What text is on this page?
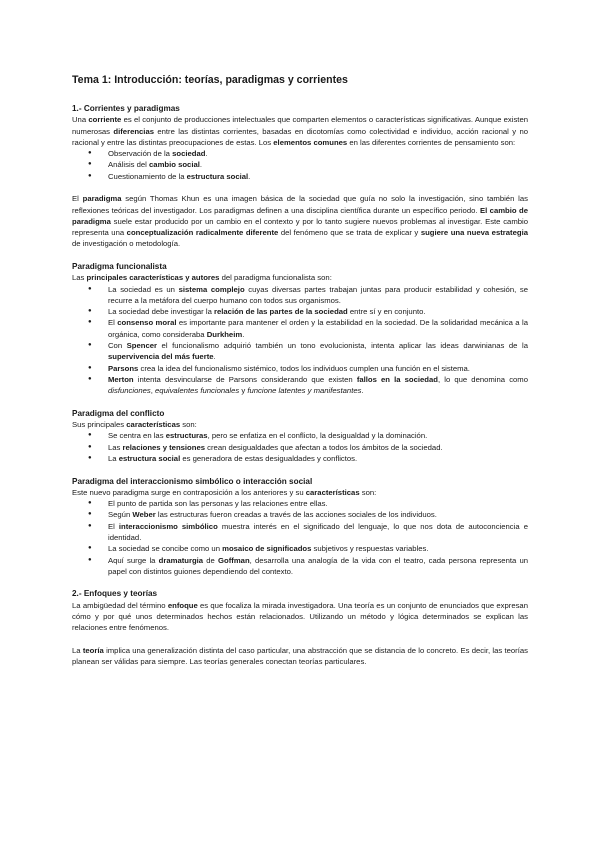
Tema 1: Introducción: teorías, paradigmas y corrientes
1.- Corrientes y paradigmas

Una corriente es el conjunto de producciones intelectuales que comparten elementos o características significativas. Aunque existen numerosas diferencias entre las distintas corrientes, basadas en dicotomías como colectividad e individuo, acción racional y no racional y entre las distintas preocupaciones de estas. Los elementos comunes en las diferentes corrientes de pensamiento son:

● Observación de la sociedad.
● Análisis del cambio social.
● Cuestionamiento de la estructura social.

El paradigma según Thomas Khun es una imagen básica de la sociedad que guía no solo la investigación, sino también las reflexiones teóricas del investigador. Los paradigmas definen a una disciplina científica durante un específico periodo. El cambio de paradigma suele estar producido por un cambio en el contexto y por lo tanto sugiere nuevos problemas al investigar. Este cambio representa una conceptualización radicalmente diferente del fenómeno que se trata de explicar y sugiere una nueva estrategia de investigación o metodología.

Paradigma funcionalista

Las principales características y autores del paradigma funcionalista son:

● La sociedad es un sistema complejo cuyas diversas partes trabajan juntas para producir estabilidad y cohesión, se recurre a la metáfora del cuerpo humano con todos sus organismos.
● La sociedad debe investigar la relación de las partes de la sociedad entre sí y en conjunto.
● El consenso moral es importante para mantener el orden y la estabilidad en la sociedad. De la solidaridad mecánica a la orgánica, como consideraba Durkheim.
● Con Spencer el funcionalismo adquirió también un tono evolucionista, intenta aplicar las ideas darwinianas de la supervivencia del más fuerte.
● Parsons crea la idea del funcionalismo sistémico, todos los individuos cumplen una función en el sistema.
● Merton intenta desvincularse de Parsons considerando que existen fallos en la sociedad, lo que denomina como disfunciones, equivalentes funcionales y funcione latentes y manifestantes.
Paradigma del conflicto

Sus principales características son:

● Se centra en las estructuras, pero se enfatiza en el conflicto, la desigualdad y la dominación.
● Las relaciones y tensiones crean desigualdades que afectan a todos los ámbitos de la sociedad.
● La estructura social es generadora de estas desigualdades y conflictos.
Paradigma del interaccionismo simbólico o interacción social

Este nuevo paradigma surge en contraposición a los anteriores y su características son:

● El punto de partida son las personas y las relaciones entre ellas.
● Según Weber las estructuras fueron creadas a través de las acciones sociales de los individuos.
● El interaccionismo simbólico muestra interés en el significado del lenguaje, lo que nos dota de autoconciencia e identidad.
● La sociedad se concibe como un mosaico de significados subjetivos y respuestas variables.
● Aquí surge la dramaturgia de Goffman, desarrolla una analogía de la vida con el teatro, cada persona representa un papel con distintos guiones dependiendo del contexto.
2.- Enfoques y teorías

La ambigüedad del término enfoque es que focaliza la mirada investigadora. Una teoría es un conjunto de enunciados que expresan cómo y por qué unos determinados hechos están relacionados. Utilizando un método y lógica determinados se explican las relaciones entre fenómenos.

La teoría implica una generalización distinta del caso particular, una abstracción que se distancia de lo concreto. Es decir, las teorías planean ser válidas para siempre. Las teorías generales conectan teorías particulares.
